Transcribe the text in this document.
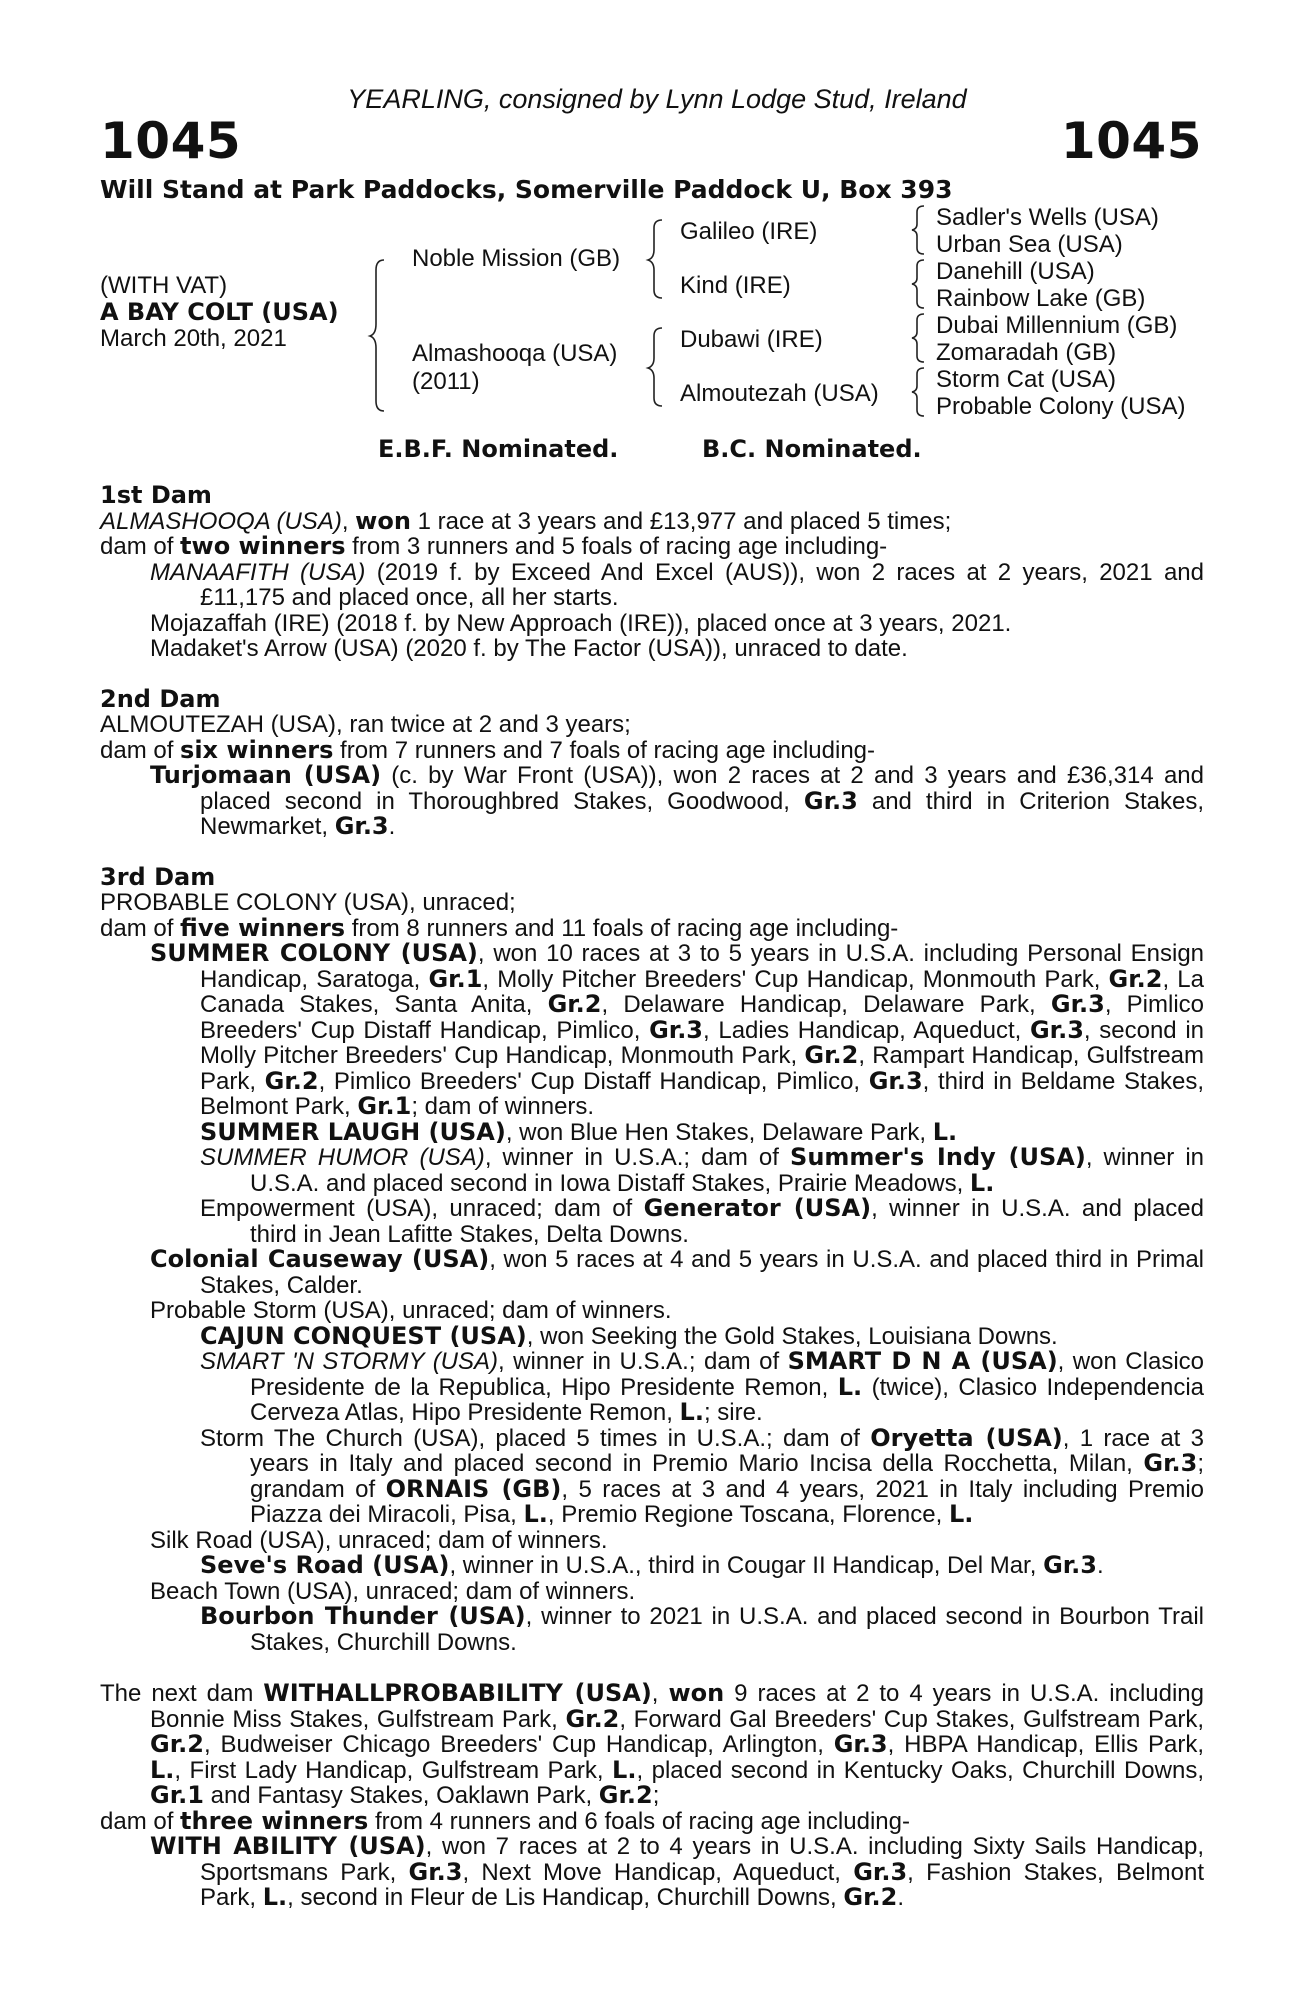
YEARLING, consigned by Lynn Lodge Stud, Ireland
1045	1045
Will Stand at Park Paddocks, Somerville Paddock U, Box 393
(WITH VAT)
A BAY COLT (USA)
March 20th, 2021
Noble Mission (GB)
Almashooqa (USA)
(2011)
Galileo (IRE)
Kind (IRE)
Dubawi (IRE)
Almoutezah (USA)
Sadler's Wells (USA)
Urban Sea (USA)
Danehill (USA)
Rainbow Lake (GB)
Dubai Millennium (GB)
Zomaradah (GB)
Storm Cat (USA)
Probable Colony (USA)
E.B.F. Nominated.	B.C. Nominated.

1st Dam

ALMASHOOQA (USA), won 1 race at 3 years and £13,977 and placed 5 times;

dam of two winners from 3 runners and 5 foals of racing age including-

MANAAFITH (USA) (2019 f. by Exceed And Excel (AUS)), won 2 races at 2 years, 2021 and £11,175 and placed once, all her starts.

Mojazaffah (IRE) (2018 f. by New Approach (IRE)), placed once at 3 years, 2021.

Madaket's Arrow (USA) (2020 f. by The Factor (USA)), unraced to date.

2nd Dam

ALMOUTEZAH (USA), ran twice at 2 and 3 years;

dam of six winners from 7 runners and 7 foals of racing age including-

Turjomaan (USA) (c. by War Front (USA)), won 2 races at 2 and 3 years and £36,314 and placed second in Thoroughbred Stakes, Goodwood, Gr.3 and third in Criterion Stakes, Newmarket, Gr.3.

3rd Dam

PROBABLE COLONY (USA), unraced;

dam of five winners from 8 runners and 11 foals of racing age including-

SUMMER COLONY (USA), won 10 races at 3 to 5 years in U.S.A. including Personal Ensign Handicap, Saratoga, Gr.1, Molly Pitcher Breeders' Cup Handicap, Monmouth Park, Gr.2, La Canada Stakes, Santa Anita, Gr.2, Delaware Handicap, Delaware Park, Gr.3, Pimlico Breeders' Cup Distaff Handicap, Pimlico, Gr.3, Ladies Handicap, Aqueduct, Gr.3, second in Molly Pitcher Breeders' Cup Handicap, Monmouth Park, Gr.2, Rampart Handicap, Gulfstream Park, Gr.2, Pimlico Breeders' Cup Distaff Handicap, Pimlico, Gr.3, third in Beldame Stakes, Belmont Park, Gr.1; dam of winners.

SUMMER LAUGH (USA), won Blue Hen Stakes, Delaware Park, L.

SUMMER HUMOR (USA), winner in U.S.A.; dam of Summer's Indy (USA), winner in U.S.A. and placed second in Iowa Distaff Stakes, Prairie Meadows, L.

Empowerment (USA), unraced; dam of Generator (USA), winner in U.S.A. and placed third in Jean Lafitte Stakes, Delta Downs.

Colonial Causeway (USA), won 5 races at 4 and 5 years in U.S.A. and placed third in Primal Stakes, Calder.

Probable Storm (USA), unraced; dam of winners.

CAJUN CONQUEST (USA), won Seeking the Gold Stakes, Louisiana Downs.

SMART 'N STORMY (USA), winner in U.S.A.; dam of SMART D N A (USA), won Clasico Presidente de la Republica, Hipo Presidente Remon, L. (twice), Clasico Independencia Cerveza Atlas, Hipo Presidente Remon, L.; sire.

Storm The Church (USA), placed 5 times in U.S.A.; dam of Oryetta (USA), 1 race at 3 years in Italy and placed second in Premio Mario Incisa della Rocchetta, Milan, Gr.3; grandam of ORNAIS (GB), 5 races at 3 and 4 years, 2021 in Italy including Premio Piazza dei Miracoli, Pisa, L., Premio Regione Toscana, Florence, L.

Silk Road (USA), unraced; dam of winners.

Seve's Road (USA), winner in U.S.A., third in Cougar II Handicap, Del Mar, Gr.3.

Beach Town (USA), unraced; dam of winners.

Bourbon Thunder (USA), winner to 2021 in U.S.A. and placed second in Bourbon Trail Stakes, Churchill Downs.

The next dam WITHALLPROBABILITY (USA), won 9 races at 2 to 4 years in U.S.A. including Bonnie Miss Stakes, Gulfstream Park, Gr.2, Forward Gal Breeders' Cup Stakes, Gulfstream Park, Gr.2, Budweiser Chicago Breeders' Cup Handicap, Arlington, Gr.3, HBPA Handicap, Ellis Park, L., First Lady Handicap, Gulfstream Park, L., placed second in Kentucky Oaks, Churchill Downs, Gr.1 and Fantasy Stakes, Oaklawn Park, Gr.2;

dam of three winners from 4 runners and 6 foals of racing age including-

WITH ABILITY (USA), won 7 races at 2 to 4 years in U.S.A. including Sixty Sails Handicap, Sportsmans Park, Gr.3, Next Move Handicap, Aqueduct, Gr.3, Fashion Stakes, Belmont Park, L., second in Fleur de Lis Handicap, Churchill Downs, Gr.2.
